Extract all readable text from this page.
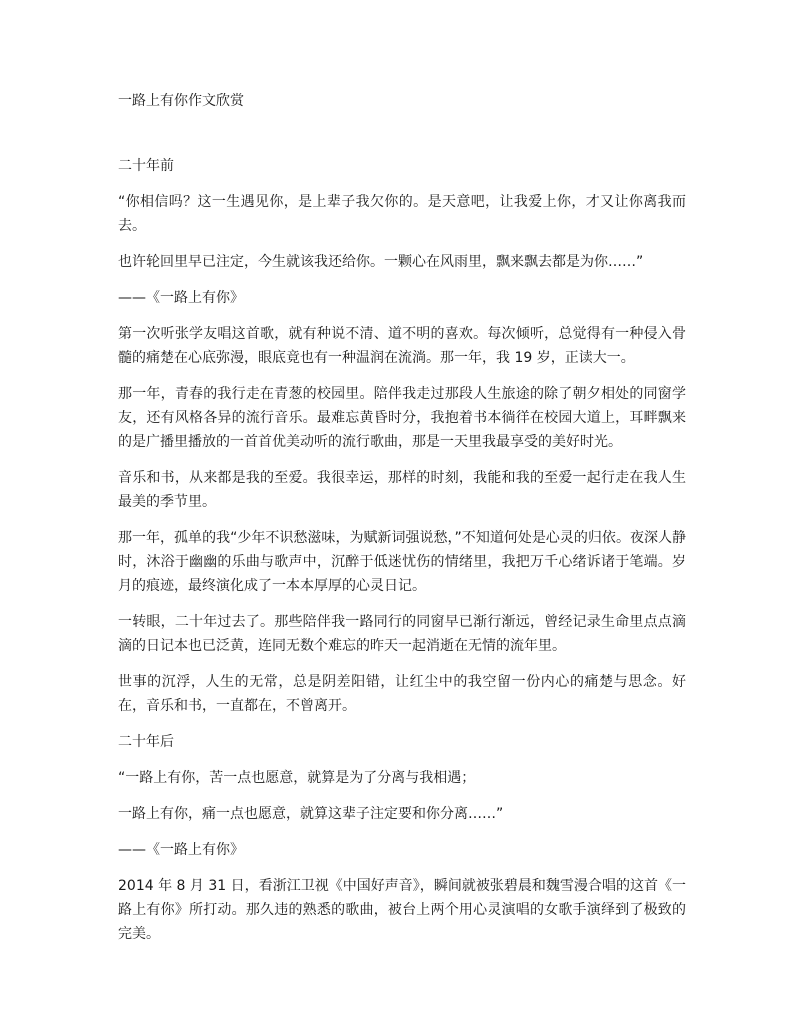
一路上有你作文欣赏

二十年前

“你相信吗？这一生遇见你，是上辈子我欠你的。是天意吧，让我爱上你，才又让你离我而去。

也许轮回里早已注定，今生就该我还给你。一颗心在风雨里，飘来飘去都是为你……”

——《一路上有你》

第一次听张学友唱这首歌，就有种说不清、道不明的喜欢。每次倾听，总觉得有一种侵入骨髓的痛楚在心底弥漫，眼底竟也有一种温润在流淌。那一年，我 19 岁，正读大一。

那一年，青春的我行走在青葱的校园里。陪伴我走过那段人生旅途的除了朝夕相处的同窗学友，还有风格各异的流行音乐。最难忘黄昏时分，我抱着书本徜徉在校园大道上，耳畔飘来的是广播里播放的一首首优美动听的流行歌曲，那是一天里我最享受的美好时光。

音乐和书，从来都是我的至爱。我很幸运，那样的时刻，我能和我的至爱一起行走在我人生最美的季节里。

那一年，孤单的我“少年不识愁滋味，为赋新词强说愁，”不知道何处是心灵的归依。夜深人静时，沐浴于幽幽的乐曲与歌声中，沉醉于低迷忧伤的情绪里，我把万千心绪诉诸于笔端。岁月的痕迹，最终演化成了一本本厚厚的心灵日记。

一转眼，二十年过去了。那些陪伴我一路同行的同窗早已渐行渐远，曾经记录生命里点点滴滴的日记本也已泛黄，连同无数个难忘的昨天一起消逝在无情的流年里。

世事的沉浮，人生的无常，总是阴差阳错，让红尘中的我空留一份内心的痛楚与思念。好在，音乐和书，一直都在，不曾离开。

二十年后

“一路上有你，苦一点也愿意，就算是为了分离与我相遇；

一路上有你，痛一点也愿意，就算这辈子注定要和你分离……”

——《一路上有你》

2014 年 8 月 31 日，看浙江卫视《中国好声音》，瞬间就被张碧晨和魏雪漫合唱的这首《一路上有你》所打动。那久违的熟悉的歌曲，被台上两个用心灵演唱的女歌手演绎到了极致的完美。
